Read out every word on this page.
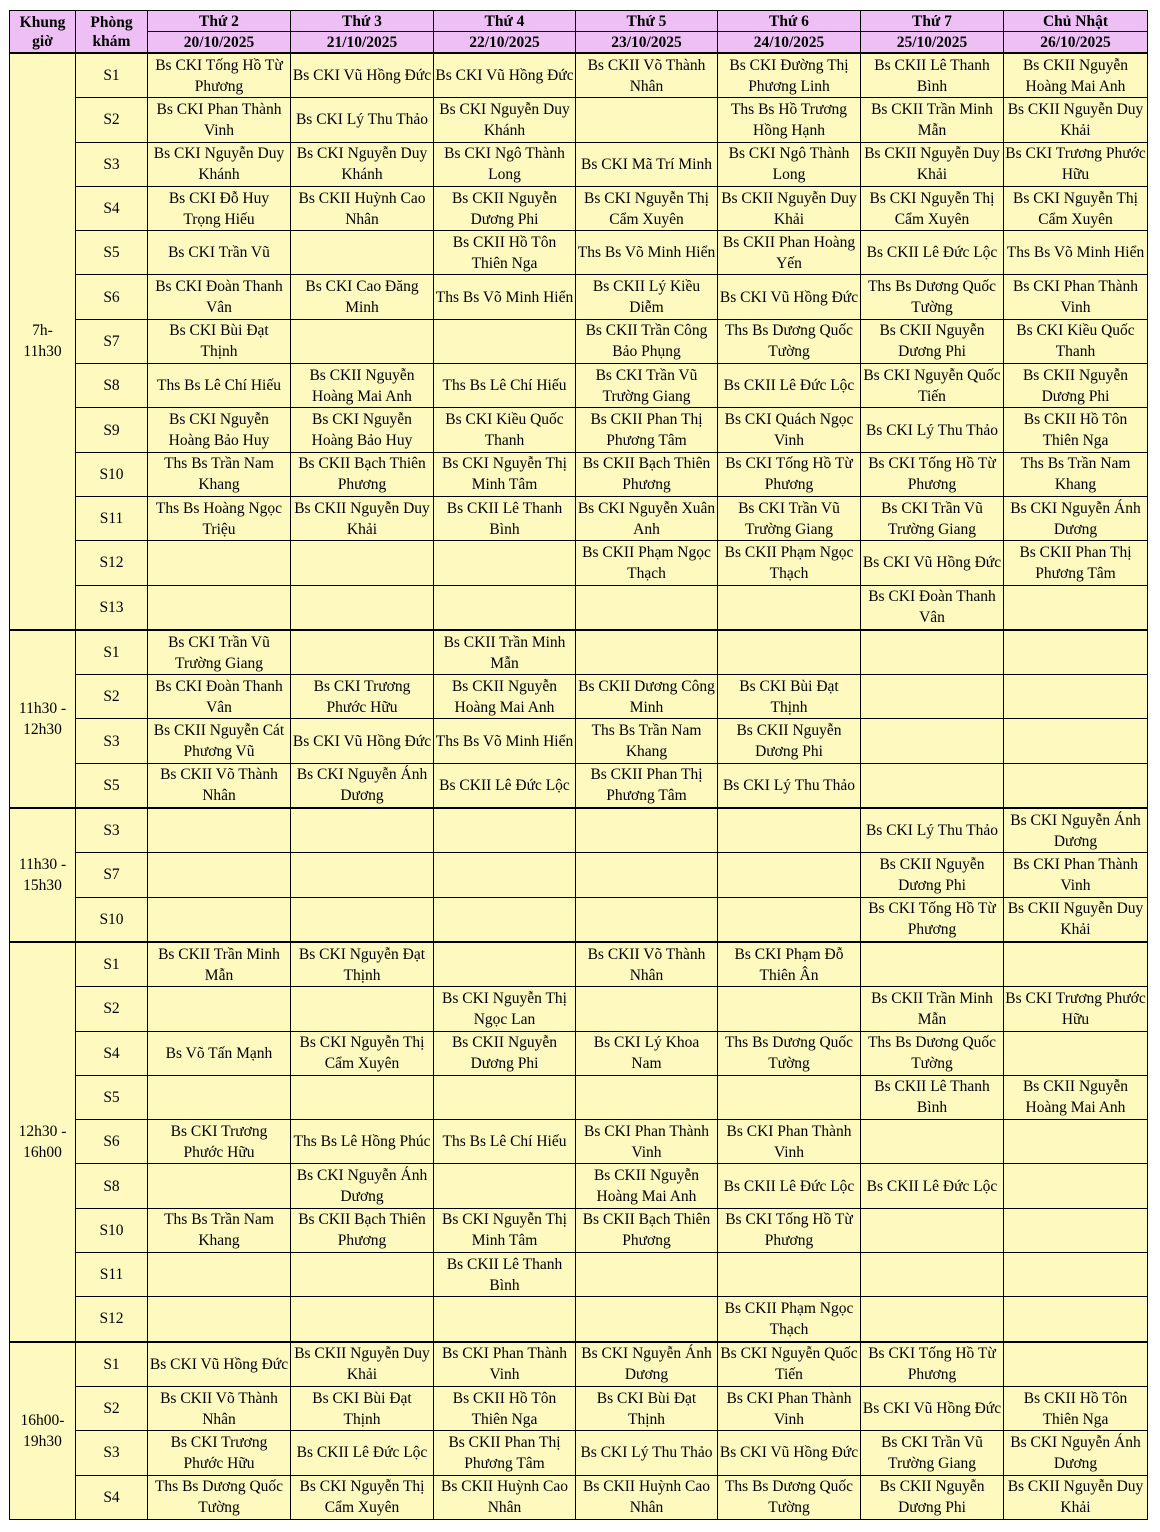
Khung giờ	Phòng khám	Thứ 2	Thứ 3	Thứ 4	Thứ 5	Thứ 6	Thứ 7	Chủ Nhật
		20/10/2025	21/10/2025	22/10/2025	23/10/2025	24/10/2025	25/10/2025	26/10/2025
7h-
11h30	S1	Bs CKI Tống Hồ Từ Phương	Bs CKI Vũ Hồng Đức	Bs CKI Vũ Hồng Đức	Bs CKII Võ Thành Nhân	Bs CKI Đường Thị Phương Linh	Bs CKII Lê Thanh Bình	Bs CKII Nguyễn Hoàng Mai Anh
	S2	Bs CKI Phan Thành Vinh	Bs CKI Lý Thu Thảo	Bs CKI Nguyễn Duy Khánh		Ths Bs Hồ Trương Hồng Hạnh	Bs CKII Trần Minh Mẫn	Bs CKII Nguyễn Duy Khải
	S3	Bs CKI Nguyễn Duy Khánh	Bs CKI Nguyễn Duy Khánh	Bs CKI Ngô Thành Long	Bs CKI Mã Trí Minh	Bs CKI Ngô Thành Long	Bs CKII Nguyễn Duy Khải	Bs CKI Trương Phước Hữu
	S4	Bs CKI Đỗ Huy Trọng Hiếu	Bs CKII Huỳnh Cao Nhân	Bs CKII Nguyễn Dương Phi	Bs CKI Nguyễn Thị Cẩm Xuyên	Bs CKII Nguyễn Duy Khải	Bs CKI Nguyễn Thị Cẩm Xuyên	Bs CKI Nguyễn Thị Cẩm Xuyên
	S5	Bs CKI Trần Vũ		Bs CKII Hồ Tôn Thiên Nga	Ths Bs Võ Minh Hiển	Bs CKII Phan Hoàng Yến	Bs CKII Lê Đức Lộc	Ths Bs Võ Minh Hiển
	S6	Bs CKI Đoàn Thanh Vân	Bs CKI Cao Đăng Minh	Ths Bs Võ Minh Hiển	Bs CKII Lý Kiều Diễm	Bs CKI Vũ Hồng Đức	Ths Bs Dương Quốc Tường	Bs CKI Phan Thành Vinh
	S7	Bs CKI Bùi Đạt Thịnh			Bs CKII Trần Công Bảo Phụng	Ths Bs Dương Quốc Tường	Bs CKII Nguyễn Dương Phi	Bs CKI Kiều Quốc Thanh
	S8	Ths Bs Lê Chí Hiếu	Bs CKII Nguyễn Hoàng Mai Anh	Ths Bs Lê Chí Hiếu	Bs CKI Trần Vũ Trường Giang	Bs CKII Lê Đức Lộc	Bs CKI Nguyễn Quốc Tiến	Bs CKII Nguyễn Dương Phi
	S9	Bs CKI Nguyễn Hoàng Bảo Huy	Bs CKI Nguyễn Hoàng Bảo Huy	Bs CKI Kiều Quốc Thanh	Bs CKII Phan Thị Phương Tâm	Bs CKI Quách Ngọc Vinh	Bs CKI Lý Thu Thảo	Bs CKII Hồ Tôn Thiên Nga
	S10	Ths Bs Trần Nam Khang	Bs CKII Bạch Thiên Phương	Bs CKI Nguyễn Thị Minh Tâm	Bs CKII Bạch Thiên Phương	Bs CKI Tống Hồ Từ Phương	Bs CKI Tống Hồ Từ Phương	Ths Bs Trần Nam Khang
	S11	Ths Bs Hoàng Ngọc Triệu	Bs CKII Nguyễn Duy Khải	Bs CKII Lê Thanh Bình	Bs CKI Nguyễn Xuân Anh	Bs CKI Trần Vũ Trường Giang	Bs CKI Trần Vũ Trường Giang	Bs CKI Nguyễn Ánh Dương
	S12				Bs CKII Phạm Ngọc Thạch	Bs CKII Phạm Ngọc Thạch	Bs CKI Vũ Hồng Đức	Bs CKII Phan Thị Phương Tâm
	S13						Bs CKI Đoàn Thanh Vân	
11h30 -
12h30	S1	Bs CKI Trần Vũ Trường Giang		Bs CKII Trần Minh Mẫn				
	S2	Bs CKI Đoàn Thanh Vân	Bs CKI Trương Phước Hữu	Bs CKII Nguyễn Hoàng Mai Anh	Bs CKII Dương Công Minh	Bs CKI Bùi Đạt Thịnh		
	S3	Bs CKII Nguyễn Cát Phương Vũ	Bs CKI Vũ Hồng Đức	Ths Bs Võ Minh Hiển	Ths Bs Trần Nam Khang	Bs CKII Nguyễn Dương Phi		
	S5	Bs CKII Võ Thành Nhân	Bs CKI Nguyễn Ánh Dương	Bs CKII Lê Đức Lộc	Bs CKII Phan Thị Phương Tâm	Bs CKI Lý Thu Thảo		
11h30 -
15h30	S3						Bs CKI Lý Thu Thảo	Bs CKI Nguyễn Ánh Dương
	S7						Bs CKII Nguyễn Dương Phi	Bs CKI Phan Thành Vinh
	S10						Bs CKI Tống Hồ Từ Phương	Bs CKII Nguyễn Duy Khải
12h30 -
16h00	S1	Bs CKII Trần Minh Mẫn	Bs CKI Nguyễn Đạt Thịnh		Bs CKII Võ Thành Nhân	Bs CKI Phạm Đỗ Thiên Ân		
	S2			Bs CKI Nguyễn Thị Ngọc Lan			Bs CKII Trần Minh Mẫn	Bs CKI Trương Phước Hữu
	S4	Bs Võ Tấn Mạnh	Bs CKI Nguyễn Thị Cẩm Xuyên	Bs CKII Nguyễn Dương Phi	Bs CKI Lý Khoa Nam	Ths Bs Dương Quốc Tường	Ths Bs Dương Quốc Tường	
	S5						Bs CKII Lê Thanh Bình	Bs CKII Nguyễn Hoàng Mai Anh
	S6	Bs CKI Trương Phước Hữu	Ths Bs Lê Hồng Phúc	Ths Bs Lê Chí Hiếu	Bs CKI Phan Thành Vinh	Bs CKI Phan Thành Vinh		
	S8		Bs CKI Nguyễn Ánh Dương		Bs CKII Nguyễn Hoàng Mai Anh	Bs CKII Lê Đức Lộc	Bs CKII Lê Đức Lộc	
	S10	Ths Bs Trần Nam Khang	Bs CKII Bạch Thiên Phương	Bs CKI Nguyễn Thị Minh Tâm	Bs CKII Bạch Thiên Phương	Bs CKI Tống Hồ Từ Phương		
	S11			Bs CKII Lê Thanh Bình				
	S12					Bs CKII Phạm Ngọc Thạch		
16h00-
19h30	S1	Bs CKI Vũ Hồng Đức	Bs CKII Nguyễn Duy Khải	Bs CKI Phan Thành Vinh	Bs CKI Nguyễn Ánh Dương	Bs CKI Nguyễn Quốc Tiến	Bs CKI Tống Hồ Từ Phương	
	S2	Bs CKII Võ Thành Nhân	Bs CKI Bùi Đạt Thịnh	Bs CKII Hồ Tôn Thiên Nga	Bs CKI Bùi Đạt Thịnh	Bs CKI Phan Thành Vinh	Bs CKI Vũ Hồng Đức	Bs CKII Hồ Tôn Thiên Nga
	S3	Bs CKI Trương Phước Hữu	Bs CKII Lê Đức Lộc	Bs CKII Phan Thị Phương Tâm	Bs CKI Lý Thu Thảo	Bs CKI Vũ Hồng Đức	Bs CKI Trần Vũ Trường Giang	Bs CKI Nguyễn Ánh Dương
	S4	Ths Bs Dương Quốc Tường	Bs CKI Nguyễn Thị Cẩm Xuyên	Bs CKII Huỳnh Cao Nhân	Bs CKII Huỳnh Cao Nhân	Ths Bs Dương Quốc Tường	Bs CKII Nguyễn Dương Phi	Bs CKII Nguyễn Duy Khải
